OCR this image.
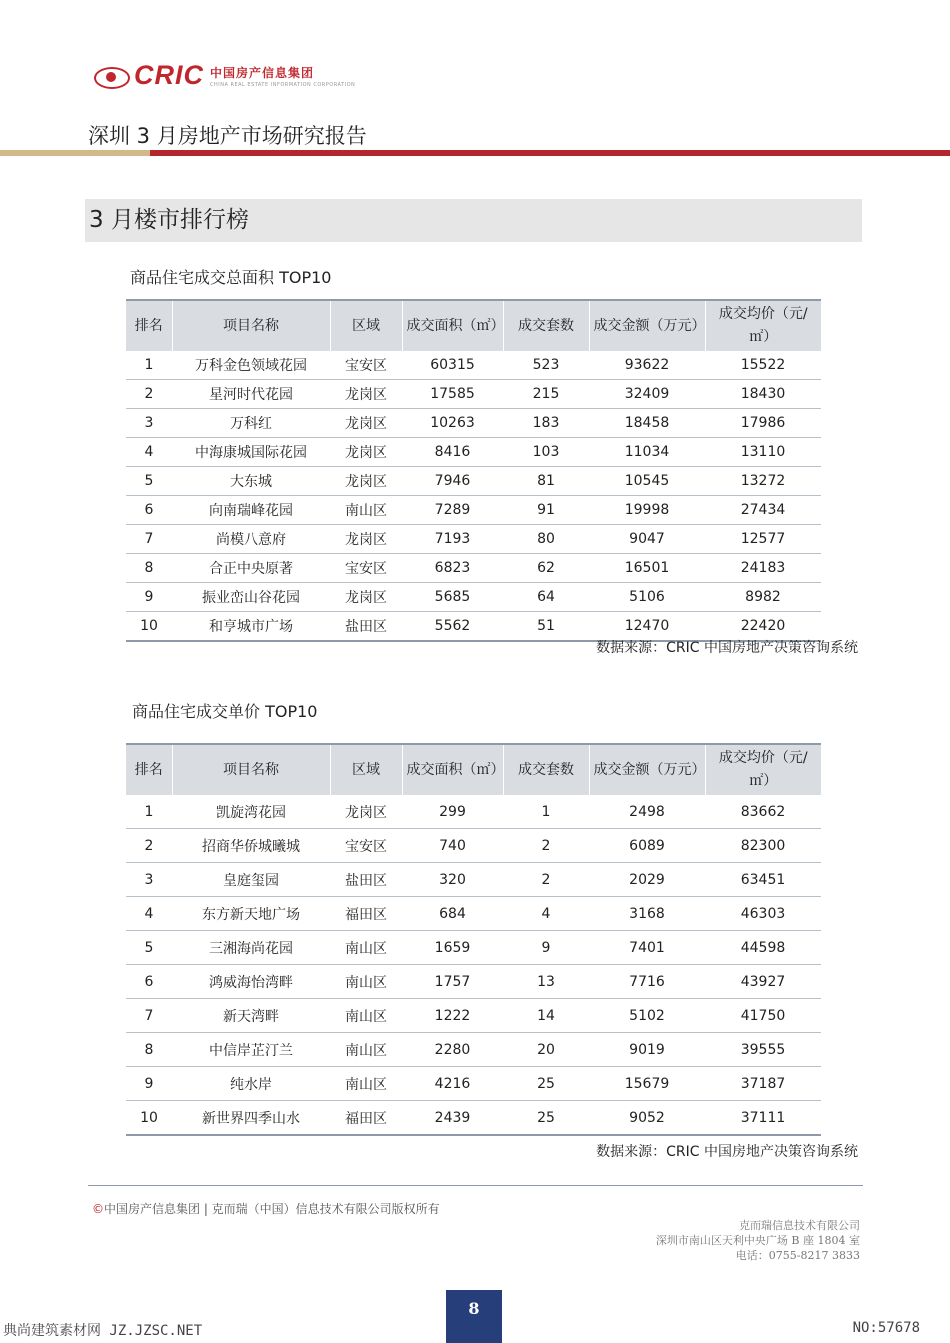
CRIC 中国房产信息集团
CHINA REAL ESTATE INFORMATION CORPORATION
深圳 3 月房地产市场研究报告
3 月楼市排行榜
商品住宅成交总面积 TOP10
排名	项目名称	区域	成交面积（㎡）	成交套数	成交金额（万元）	成交均价（元/㎡）
1	万科金色领域花园	宝安区	60315	523	93622	15522
2	星河时代花园	龙岗区	17585	215	32409	18430
3	万科红	龙岗区	10263	183	18458	17986
4	中海康城国际花园	龙岗区	8416	103	11034	13110
5	大东城	龙岗区	7946	81	10545	13272
6	向南瑞峰花园	南山区	7289	91	19998	27434
7	尚模八意府	龙岗区	7193	80	9047	12577
8	合正中央原著	宝安区	6823	62	16501	24183
9	振业峦山谷花园	龙岗区	5685	64	5106	8982
10	和亨城市广场	盐田区	5562	51	12470	22420
数据来源：CRIC 中国房地产决策咨询系统
商品住宅成交单价 TOP10
排名	项目名称	区域	成交面积（㎡）	成交套数	成交金额（万元）	成交均价（元/㎡）
1	凯旋湾花园	龙岗区	299	1	2498	83662
2	招商华侨城曦城	宝安区	740	2	6089	82300
3	皇庭玺园	盐田区	320	2	2029	63451
4	东方新天地广场	福田区	684	4	3168	46303
5	三湘海尚花园	南山区	1659	9	7401	44598
6	鸿威海怡湾畔	南山区	1757	13	7716	43927
7	新天湾畔	南山区	1222	14	5102	41750
8	中信岸芷汀兰	南山区	2280	20	9019	39555
9	纯水岸	南山区	4216	25	15679	37187
10	新世界四季山水	福田区	2439	25	9052	37111
数据来源：CRIC 中国房地产决策咨询系统
©中国房产信息集团 | 克而瑞（中国）信息技术有限公司版权所有
克而瑞信息技术有限公司
深圳市南山区天利中央广场 B 座 1804 室
电话：0755-8217 3833
8
典尚建筑素材网 JZ.JZSC.NET	NO:57678
